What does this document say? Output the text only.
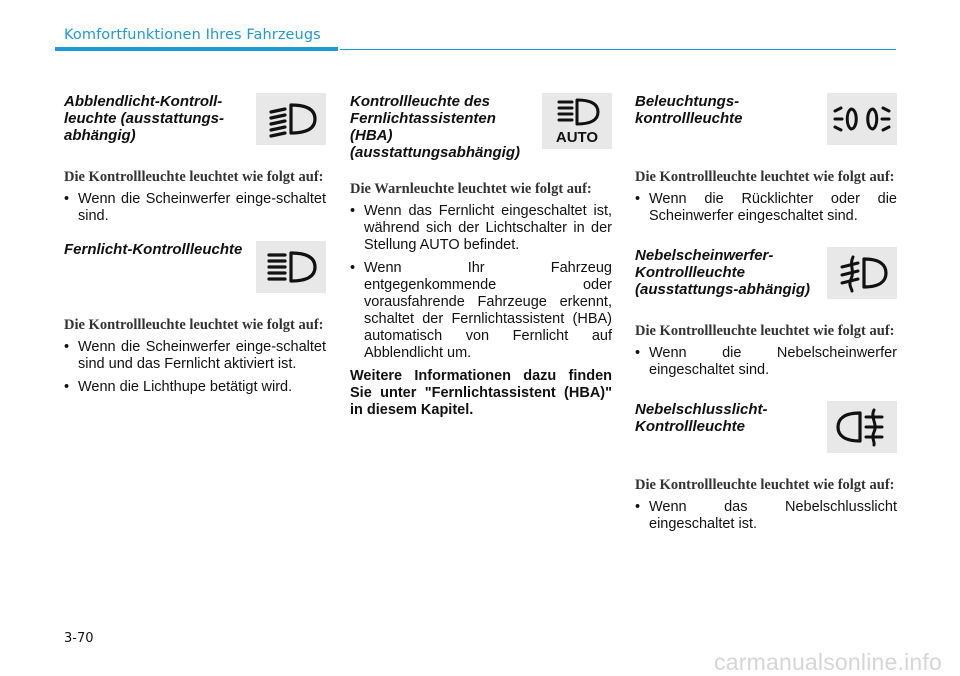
Komfortfunktionen Ihres Fahrzeugs
Abblendlicht-Kontroll-leuchte (ausstattungs-abhängig)
Die Kontrollleuchte leuchtet wie folgt auf:
• Wenn die Scheinwerfer einge-schaltet sind.
Fernlicht-Kontrollleuchte
Die Kontrollleuchte leuchtet wie folgt auf:
• Wenn die Scheinwerfer einge-schaltet sind und das Fernlicht aktiviert ist.
• Wenn die Lichthupe betätigt wird.
Kontrollleuchte des Fernlichtassistenten (HBA) (ausstattungsabhängig)
AUTO
Die Warnleuchte leuchtet wie folgt auf:
• Wenn das Fernlicht eingeschaltet ist, während sich der Lichtschalter in der Stellung AUTO befindet.
• Wenn Ihr Fahrzeug entgegenkommende oder vorausfahrende Fahrzeuge erkennt, schaltet der Fernlichtassistent (HBA) automatisch von Fernlicht auf Abblendlicht um.
Weitere Informationen dazu finden Sie unter "Fernlichtassistent (HBA)" in diesem Kapitel.
Beleuchtungs-kontrollleuchte
Die Kontrollleuchte leuchtet wie folgt auf:
• Wenn die Rücklichter oder die Scheinwerfer eingeschaltet sind.
Nebelscheinwerfer-Kontrollleuchte (ausstattungs-abhängig)
Die Kontrollleuchte leuchtet wie folgt auf:
• Wenn die Nebelscheinwerfer eingeschaltet sind.
Nebelschlusslicht-Kontrollleuchte
Die Kontrollleuchte leuchtet wie folgt auf:
• Wenn das Nebelschlusslicht eingeschaltet ist.
3-70
carmanualsonline.info
